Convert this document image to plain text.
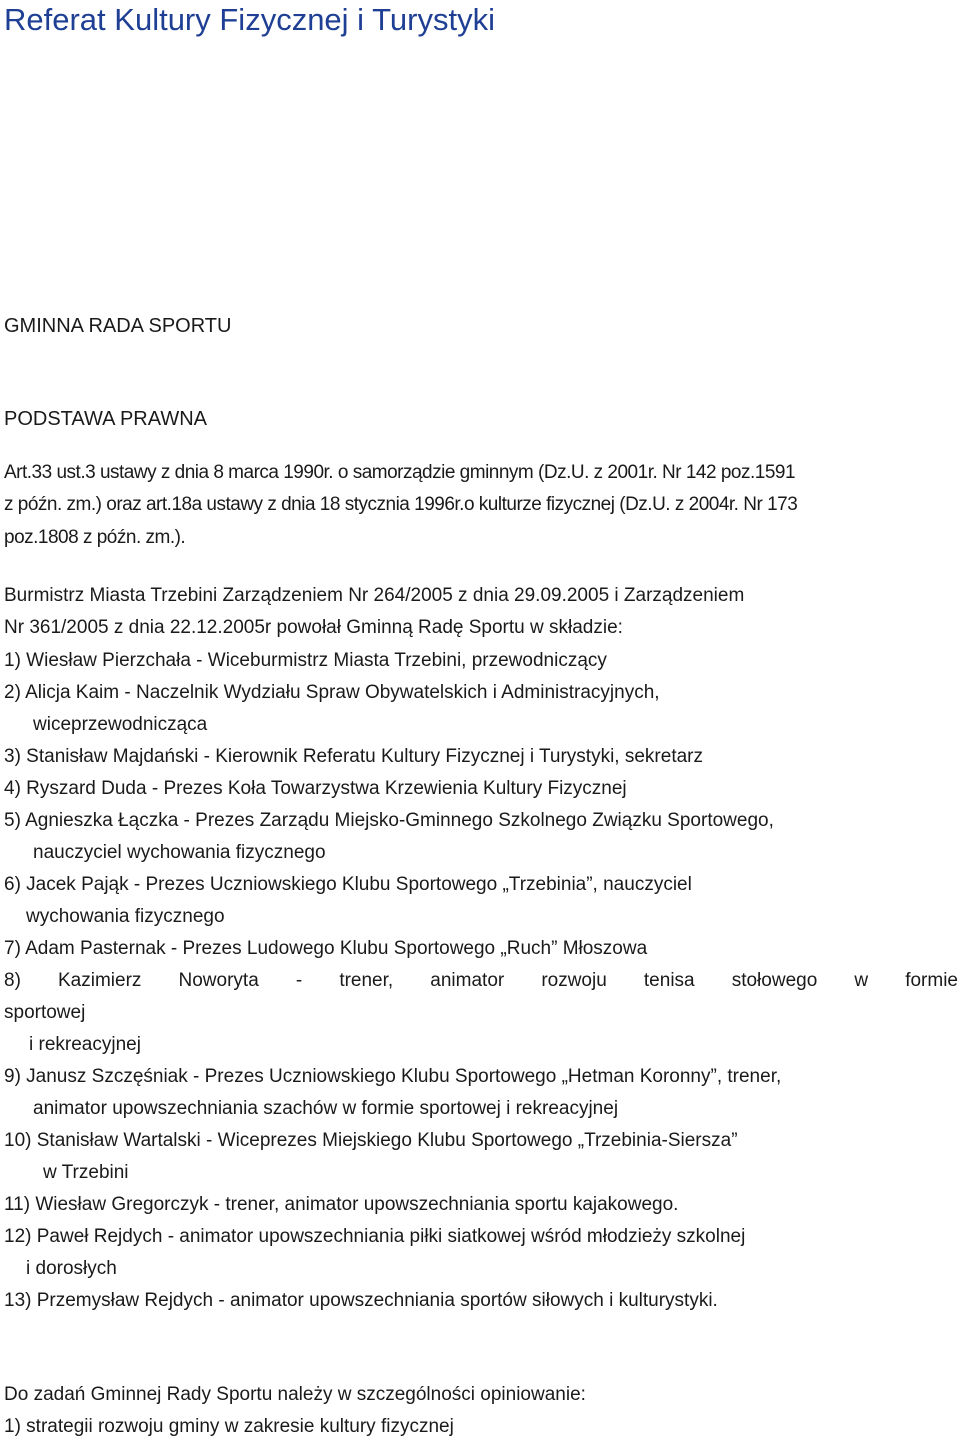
Referat Kultury Fizycznej i Turystyki

GMINNA RADA SPORTU

PODSTAWA PRAWNA

Art.33 ust.3 ustawy z dnia 8 marca 1990r. o samorządzie gminnym (Dz.U. z 2001r. Nr 142 poz.1591

z późn. zm.) oraz art.18a ustawy z dnia 18 stycznia 1996r.o kulturze fizycznej (Dz.U. z 2004r. Nr 173

poz.1808 z późn. zm.).

Burmistrz Miasta Trzebini Zarządzeniem Nr 264/2005 z dnia 29.09.2005 i Zarządzeniem

Nr 361/2005 z dnia 22.12.2005r powołał Gminną Radę Sportu w składzie:

1) Wiesław Pierzchała - Wiceburmistrz Miasta Trzebini, przewodniczący

2) Alicja Kaim - Naczelnik Wydziału Spraw Obywatelskich i Administracyjnych,
wiceprzewodnicząca

3) Stanisław Majdański - Kierownik Referatu Kultury Fizycznej i Turystyki, sekretarz

4) Ryszard Duda - Prezes Koła Towarzystwa Krzewienia Kultury Fizycznej

5) Agnieszka Łączka - Prezes Zarządu Miejsko-Gminnego Szkolnego Związku Sportowego,
nauczyciel wychowania fizycznego

6) Jacek Pająk - Prezes Uczniowskiego Klubu Sportowego „Trzebinia”, nauczyciel
wychowania fizycznego

7) Adam Pasternak - Prezes Ludowego Klubu Sportowego „Ruch” Młoszowa

8) Kazimierz Noworyta - trener, animator rozwoju tenisa stołowego w formie
sportowej
i rekreacyjnej

9) Janusz Szczęśniak - Prezes Uczniowskiego Klubu Sportowego „Hetman Koronny”, trener,
animator upowszechniania szachów w formie sportowej i rekreacyjnej

10) Stanisław Wartalski - Wiceprezes Miejskiego Klubu Sportowego „Trzebinia-Siersza”
w Trzebini

11) Wiesław Gregorczyk - trener, animator upowszechniania sportu kajakowego.

12) Paweł Rejdych - animator upowszechniania piłki siatkowej wśród młodzieży szkolnej
i dorosłych

13) Przemysław Rejdych - animator upowszechniania sportów siłowych i kulturystyki.

Do zadań Gminnej Rady Sportu należy w szczególności opiniowanie:

1) strategii rozwoju gminy w zakresie kultury fizycznej
